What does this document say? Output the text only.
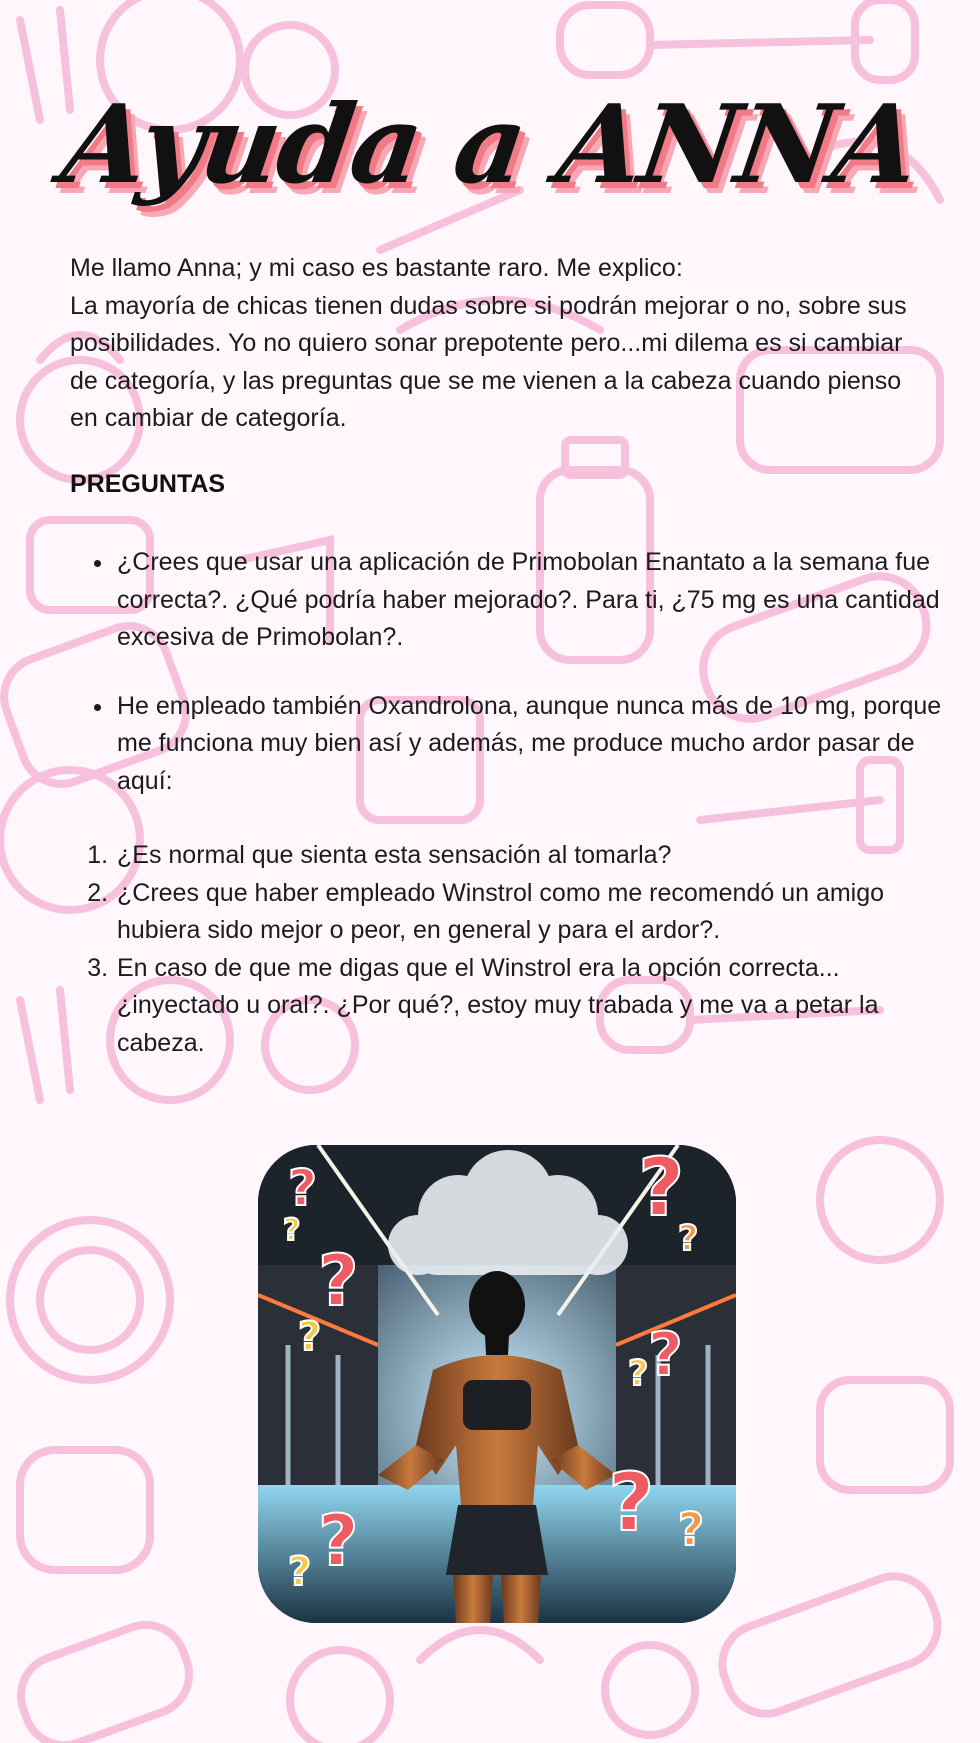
Ayuda a ANNA
Me llamo Anna; y mi caso es bastante raro. Me explico:
La mayoría de chicas tienen dudas sobre si podrán mejorar o no, sobre sus posibilidades. Yo no quiero sonar prepotente pero...mi dilema es si cambiar de categoría, y las preguntas que se me vienen a la cabeza cuando pienso en cambiar de categoría.
PREGUNTAS
• ¿Crees que usar una aplicación de Primobolan Enantato a la semana fue correcta?. ¿Qué podría haber mejorado?. Para ti, ¿75 mg es una cantidad excesiva de Primobolan?.
• He empleado también Oxandrolona, aunque nunca más de 10 mg, porque me funciona muy bien así y además, me produce mucho ardor pasar de aquí:
1. ¿Es normal que sienta esta sensación al tomarla?
2. ¿Crees que haber empleado Winstrol como me recomendó un amigo hubiera sido mejor o peor, en general y para el ardor?.
3. En caso de que me digas que el Winstrol era la opción correcta... ¿inyectado u oral?. ¿Por qué?, estoy muy trabada y me va a petar la cabeza.
?
?
?
?
?
?
?
?
? ?
?
?
